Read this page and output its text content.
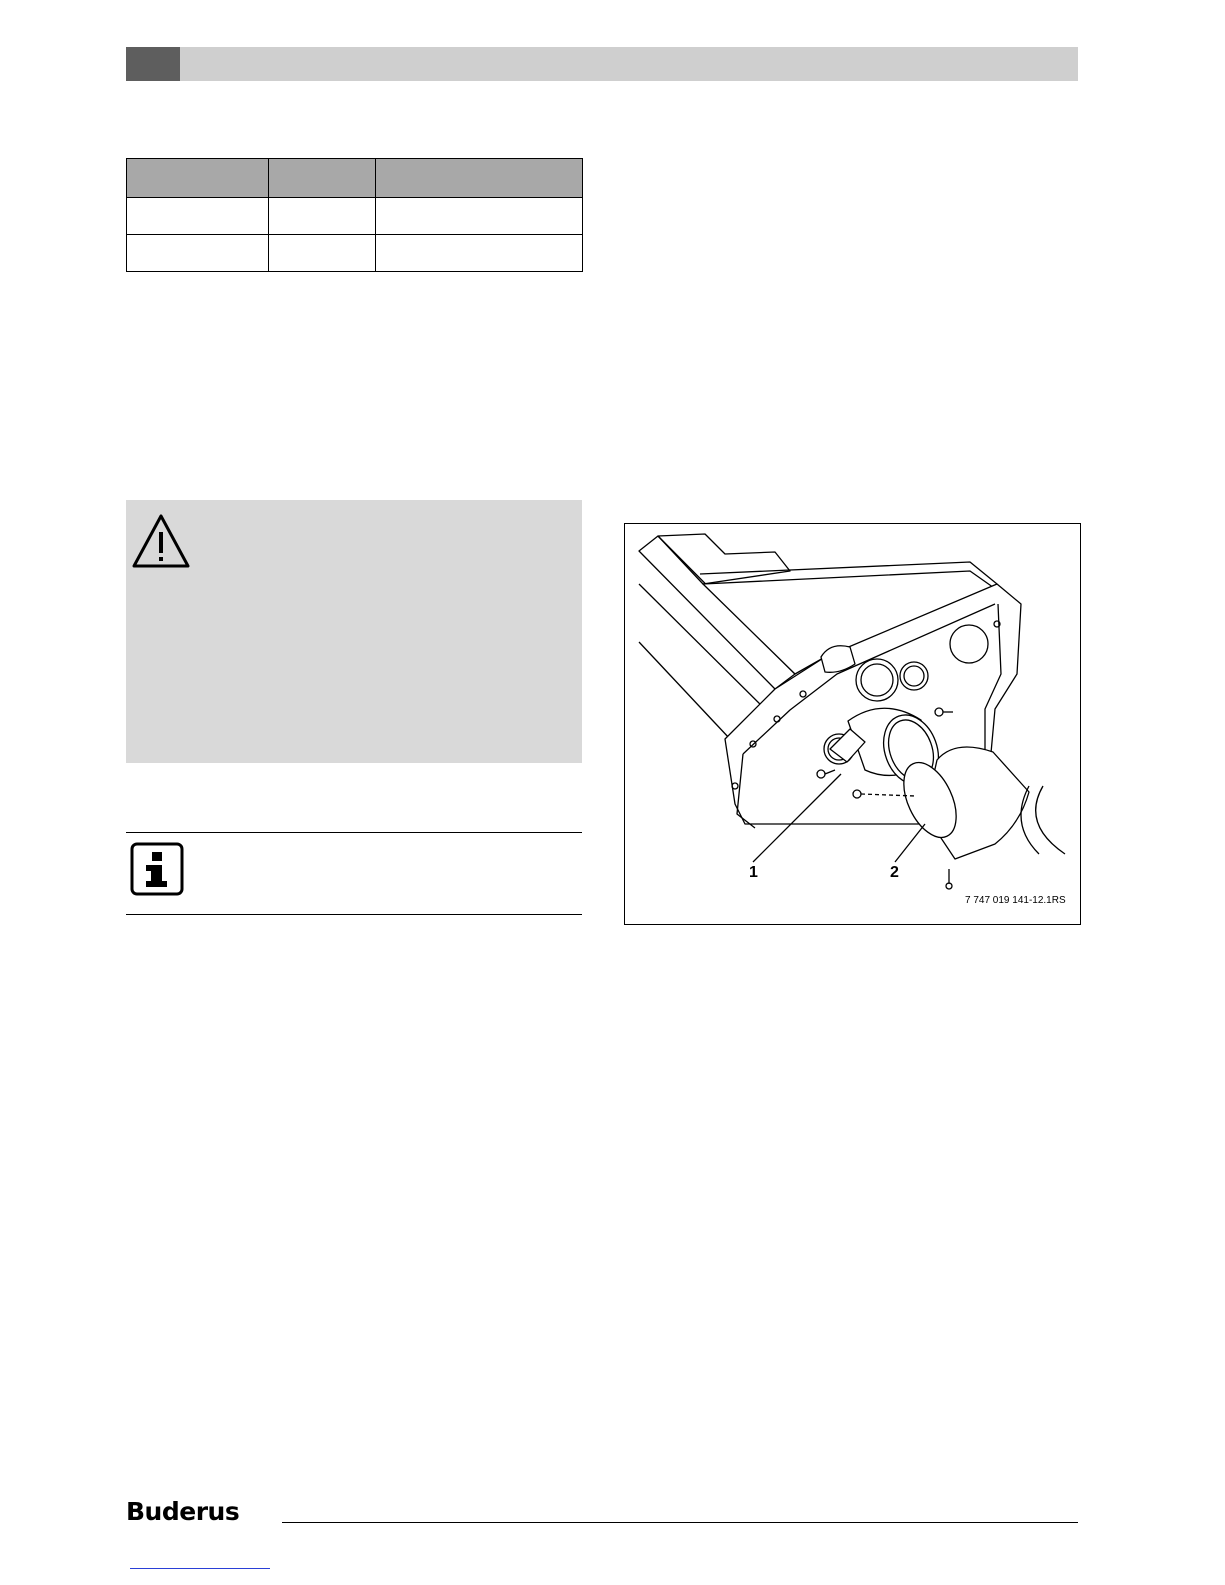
1	2
7 747 019 141-12.1RS
Buderus
